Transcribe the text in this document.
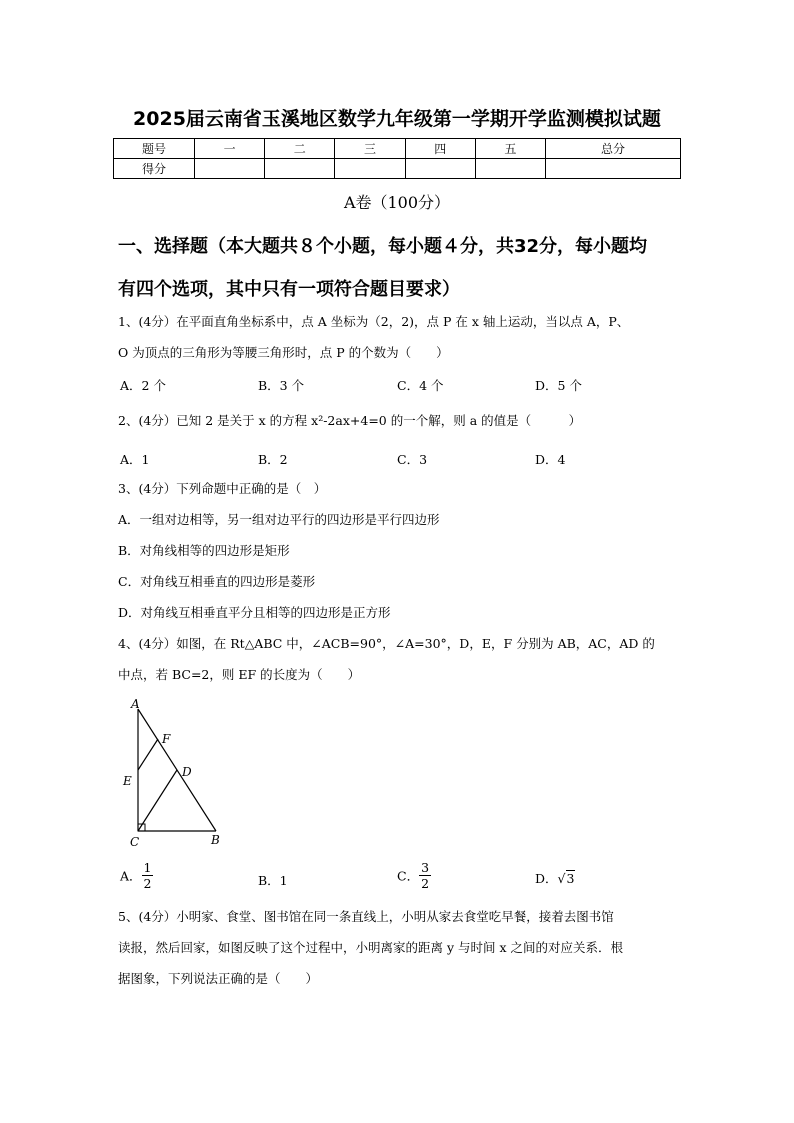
2025届云南省玉溪地区数学九年级第一学期开学监测模拟试题
题号	一	二	三	四	五	总分
得分						
A卷（100分）
一、选择题（本大题共８个小题，每小题４分，共32分，每小题均
有四个选项，其中只有一项符合题目要求）
1、(4分）在平面直角坐标系中，点 A 坐标为（2，2)，点 P 在 x 轴上运动，当以点 A，P、
O 为顶点的三角形为等腰三角形时，点 P 的个数为（　　）
A．2 个	B．3 个	C．4 个	D．5 个
2、(4分）已知 2 是关于 x 的方程 x²-2ax+4=0 的一个解，则 a 的值是（　　　）
A．1	B．2	C．3	D．4
3、(4分）下列命题中正确的是（　）
A．一组对边相等，另一组对边平行的四边形是平行四边形
B．对角线相等的四边形是矩形
C．对角线互相垂直的四边形是菱形
D．对角线互相垂直平分且相等的四边形是正方形
4、(4分）如图，在 Rt△ABC 中，∠ACB=90°，∠A=30°，D，E，F 分别为 AB，AC，AD 的
中点，若 BC=2，则 EF 的长度为（　　）
A
F
E
D
C	B
A． $\frac{1}{2}$	B．1	C． $\frac{3}{2}$	D．√3
5、(4分）小明家、食堂、图书馆在同一条直线上，小明从家去食堂吃早餐，接着去图书馆
读报，然后回家，如图反映了这个过程中，小明离家的距离 y 与时间 x 之间的对应关系．根
据图象，下列说法正确的是（　　）
